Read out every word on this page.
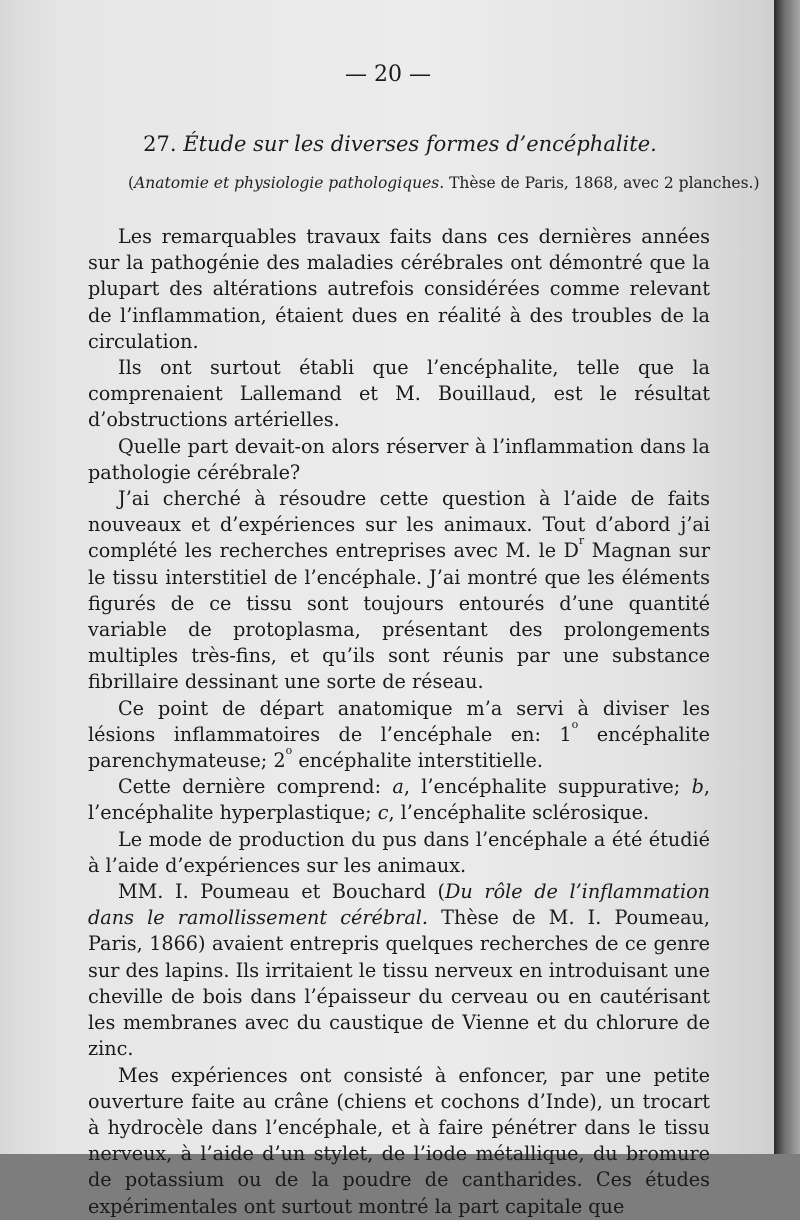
— 20 —
27. Étude sur les diverses formes d’encéphalite.
(Anatomie et physiologie pathologiques. Thèse de Paris, 1868, avec 2 planches.)

Les remarquables travaux faits dans ces dernières années sur la pathogénie des maladies cérébrales ont démontré que la plupart des altérations autrefois considérées comme relevant de l’inflammation, étaient dues en réalité à des troubles de la circulation.

Ils ont surtout établi que l’encéphalite, telle que la comprenaient Lallemand et M. Bouillaud, est le résultat d’obstructions artérielles.

Quelle part devait-on alors réserver à l’inflammation dans la pathologie cérébrale?

J’ai cherché à résoudre cette question à l’aide de faits nouveaux et d’expériences sur les animaux. Tout d’abord j’ai complété les recherches entreprises avec M. le $D^r$ Magnan sur le tissu interstitiel de l’encéphale. J’ai montré que les éléments figurés de ce tissu sont toujours entourés d’une quantité variable de protoplasma, présentant des prolongements multiples très-fins, et qu’ils sont réunis par une substance fibrillaire dessinant une sorte de réseau.

Ce point de départ anatomique m’a servi à diviser les lésions inflammatoires de l’encéphale en: 1$^o$ encéphalite parenchymateuse; 2$^o$ encéphalite interstitielle.

Cette dernière comprend: a, l’encéphalite suppurative; b, l’encéphalite hyperplastique; c, l’encéphalite sclérosique.

Le mode de production du pus dans l’encéphale a été étudié à l’aide d’expériences sur les animaux.

MM. I. Poumeau et Bouchard (Du rôle de l’inflammation dans le ramollissement cérébral. Thèse de M. I. Poumeau, Paris, 1866) avaient entrepris quelques recherches de ce genre sur des lapins. Ils irritaient le tissu nerveux en introduisant une cheville de bois dans l’épaisseur du cerveau ou en cautérisant les membranes avec du caustique de Vienne et du chlorure de zinc.

Mes expériences ont consisté à enfoncer, par une petite ouverture faite au crâne (chiens et cochons d’Inde), un trocart à hydrocèle dans l’encéphale, et à faire pénétrer dans le tissu nerveux, à l’aide d’un stylet, de l’iode métallique, du bromure de potassium ou de la poudre de cantharides. Ces études expérimentales ont surtout montré la part capitale que
